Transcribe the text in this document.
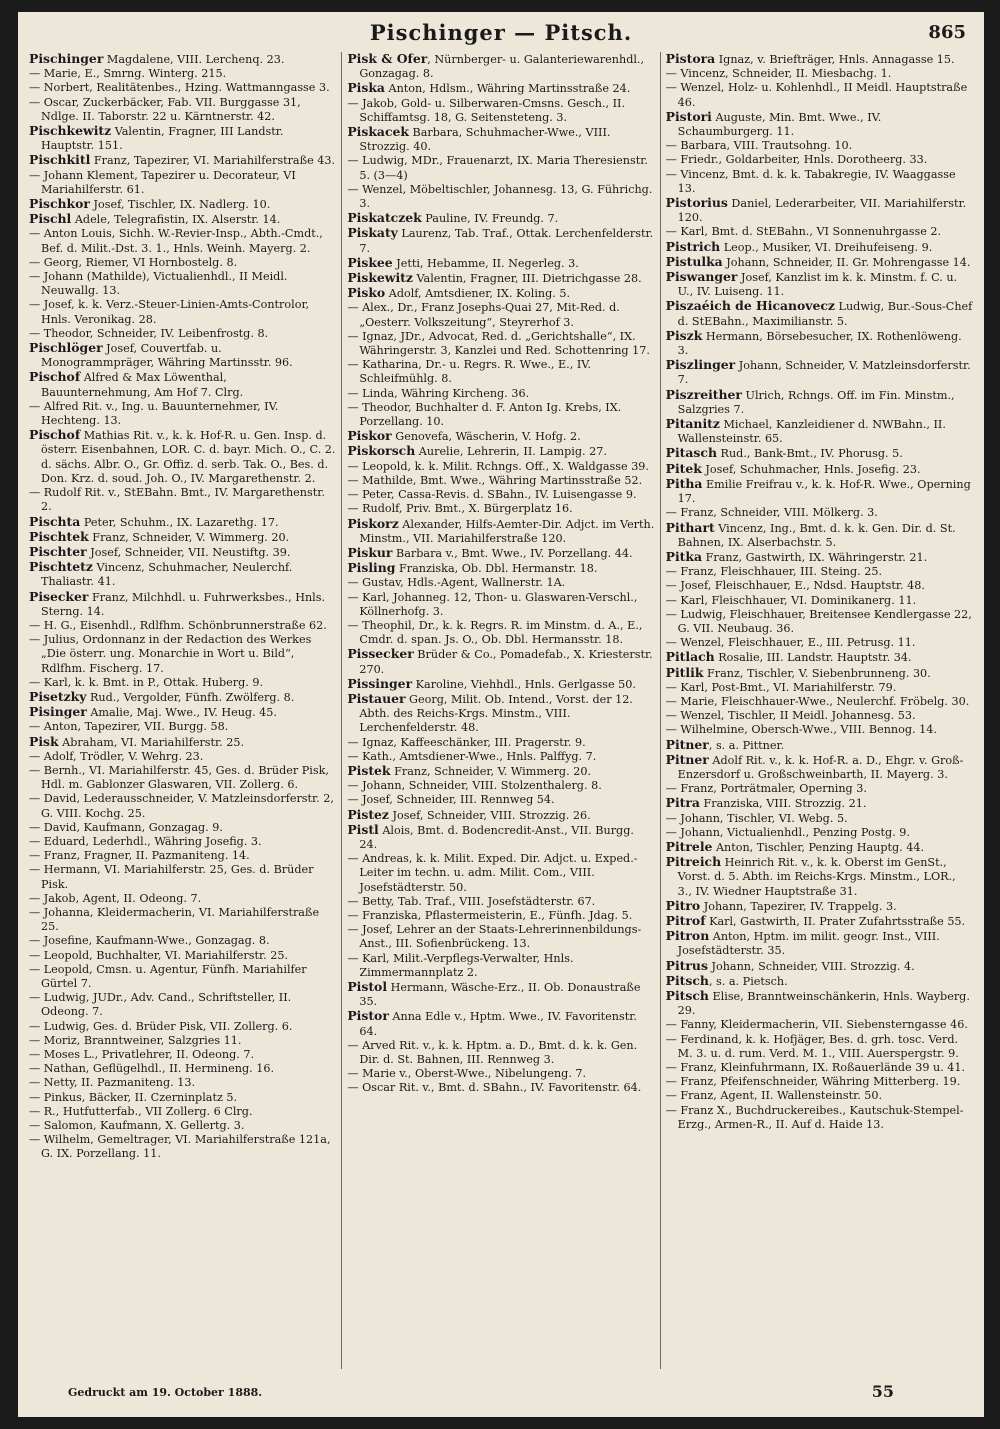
Pischinger — Pitsch.	865

Pischinger Magdalene, VIII. Lerchenq. 23.

— Marie, E., Smrng. Winterg. 215.

— Norbert, Realitätenbes., Hzing. Wattmanngasse 3.

— Oscar, Zuckerbäcker, Fab. VII. Burggasse 31, Ndlge. II. Taborstr. 22 u. Kärntnerstr. 42.

Pischkewitz Valentin, Fragner, III Landstr. Hauptstr. 151.

Pischkitl Franz, Tapezirer, VI. Mariahilferstraße 43.

— Johann Klement, Tapezirer u. Decorateur, VI Mariahilferstr. 61.

Pischkor Josef, Tischler, IX. Nadlerg. 10.

Pischl Adele, Telegrafistin, IX. Alserstr. 14.

— Anton Louis, Sichh. W.-Revier-Insp., Abth.-Cmdt., Bef. d. Milit.-Dst. 3. 1., Hnls. Weinh. Mayerg. 2.

— Georg, Riemer, VI Hornbostelg. 8.

— Johann (Mathilde), Victualienhdl., II Meidl. Neuwallg. 13.

— Josef, k. k. Verz.-Steuer-Linien-Amts-Controlor, Hnls. Veronikag. 28.

— Theodor, Schneider, IV. Leibenfrostg. 8.

Pischlöger Josef, Couvertfab. u. Monogrammpräger, Währing Martinsstr. 96.

Pischof Alfred & Max Löwenthal, Bauunternehmung, Am Hof 7. Clrg.

— Alfred Rit. v., Ing. u. Bauunternehmer, IV. Hechteng. 13.

Pischof Mathias Rit. v., k. k. Hof-R. u. Gen. Insp. d. österr. Eisenbahnen, LOR. C. d. bayr. Mich. O., C. 2. d. sächs. Albr. O., Gr. Offiz. d. serb. Tak. O., Bes. d. Don. Krz. d. soud. Joh. O., IV. Margarethenstr. 2.

— Rudolf Rit. v., StEBahn. Bmt., IV. Margarethenstr. 2.

Pischta Peter, Schuhm., IX. Lazarethg. 17.

Pischtek Franz, Schneider, V. Wimmerg. 20.

Pischter Josef, Schneider, VII. Neustiftg. 39.

Pischtetz Vincenz, Schuhmacher, Neulerchf. Thaliastr. 41.

Pisecker Franz, Milchhdl. u. Fuhrwerksbes., Hnls. Sterng. 14.

— H. G., Eisenhdl., Rdlfhm. Schönbrunnerstraße 62.

— Julius, Ordonnanz in der Redaction des Werkes „Die österr. ung. Monarchie in Wort u. Bild“, Rdlfhm. Fischerg. 17.

— Karl, k. k. Bmt. in P., Ottak. Huberg. 9.

Pisetzky Rud., Vergolder, Fünfh. Zwölferg. 8.

Pisinger Amalie, Maj. Wwe., IV. Heug. 45.

— Anton, Tapezirer, VII. Burgg. 58.

Pisk Abraham, VI. Mariahilferstr. 25.

— Adolf, Trödler, V. Wehrg. 23.

— Bernh., VI. Mariahilferstr. 45, Ges. d. Brüder Pisk, Hdl. m. Gablonzer Glaswaren, VII. Zollerg. 6.

— David, Lederausschneider, V. Matzleinsdorferstr. 2, G. VIII. Kochg. 25.

— David, Kaufmann, Gonzagag. 9.

— Eduard, Lederhdl., Währing Josefig. 3.

— Franz, Fragner, II. Pazmaniteng. 14.

— Hermann, VI. Mariahilferstr. 25, Ges. d. Brüder Pisk.

— Jakob, Agent, II. Odeong. 7.

— Johanna, Kleidermacherin, VI. Mariahilferstraße 25.

— Josefine, Kaufmann-Wwe., Gonzagag. 8.

— Leopold, Buchhalter, VI. Mariahilferstr. 25.

— Leopold, Cmsn. u. Agentur, Fünfh. Mariahilfer Gürtel 7.

— Ludwig, JUDr., Adv. Cand., Schriftsteller, II. Odeong. 7.

— Ludwig, Ges. d. Brüder Pisk, VII. Zollerg. 6.

— Moriz, Branntweiner, Salzgries 11.

— Moses L., Privatlehrer, II. Odeong. 7.

— Nathan, Geflügelhdl., II. Hermineng. 16.

— Netty, II. Pazmaniteng. 13.

— Pinkus, Bäcker, II. Czerninplatz 5.

— R., Hutfutterfab., VII Zollerg. 6 Clrg.

— Salomon, Kaufmann, X. Gellertg. 3.

— Wilhelm, Gemeltrager, VI. Mariahilferstraße 121a, G. IX. Porzellang. 11.

Pisk & Ofer, Nürnberger- u. Galanteriewarenhdl., Gonzagag. 8.

Piska Anton, Hdlsm., Währing Martinsstraße 24.

— Jakob, Gold- u. Silberwaren-Cmsns. Gesch., II. Schiffamtsg. 18, G. Seitensteteng. 3.

Piskacek Barbara, Schuhmacher-Wwe., VIII. Strozzig. 40.

— Ludwig, MDr., Frauenarzt, IX. Maria Theresienstr. 5. (3—4)

— Wenzel, Möbeltischler, Johannesg. 13, G. Führichg. 3.

Piskatczek Pauline, IV. Freundg. 7.

Piskaty Laurenz, Tab. Traf., Ottak. Lerchenfelderstr. 7.

Piskee Jetti, Hebamme, II. Negerleg. 3.

Piskewitz Valentin, Fragner, III. Dietrichgasse 28.

Pisko Adolf, Amtsdiener, IX. Koling. 5.

— Alex., Dr., Franz Josephs-Quai 27, Mit-Red. d. „Oesterr. Volkszeitung“, Steyrerhof 3.

— Ignaz, JDr., Advocat, Red. d. „Gerichtshalle“, IX. Währingerstr. 3, Kanzlei und Red. Schottenring 17.

— Katharina, Dr.- u. Regrs. R. Wwe., E., IV. Schleifmühlg. 8.

— Linda, Währing Kircheng. 36.

— Theodor, Buchhalter d. F. Anton Ig. Krebs, IX. Porzellang. 10.

Piskor Genovefa, Wäscherin, V. Hofg. 2.

Piskorsch Aurelie, Lehrerin, II. Lampig. 27.

— Leopold, k. k. Milit. Rchngs. Off., X. Waldgasse 39.

— Mathilde, Bmt. Wwe., Währing Martinsstraße 52.

— Peter, Cassa-Revis. d. SBahn., IV. Luisengasse 9.

— Rudolf, Priv. Bmt., X. Bürgerplatz 16.

Piskorz Alexander, Hilfs-Aemter-Dir. Adjct. im Verth. Minstm., VII. Mariahilferstraße 120.

Piskur Barbara v., Bmt. Wwe., IV. Porzellang. 44.

Pisling Franziska, Ob. Dbl. Hermanstr. 18.

— Gustav, Hdls.-Agent, Wallnerstr. 1A.

— Karl, Johanneg. 12, Thon- u. Glaswaren-Verschl., Köllnerhofg. 3.

— Theophil, Dr., k. k. Regrs. R. im Minstm. d. A., E., Cmdr. d. span. Js. O., Ob. Dbl. Hermansstr. 18.

Pissecker Brüder & Co., Pomadefab., X. Kriesterstr. 270.

Pissinger Karoline, Viehhdl., Hnls. Gerlgasse 50.

Pistauer Georg, Milit. Ob. Intend., Vorst. der 12. Abth. des Reichs-Krgs. Minstm., VIII. Lerchenfelderstr. 48.

— Ignaz, Kaffeeschänker, III. Pragerstr. 9.

— Kath., Amtsdiener-Wwe., Hnls. Palffyg. 7.

Pistek Franz, Schneider, V. Wimmerg. 20.

— Johann, Schneider, VIII. Stolzenthalerg. 8.

— Josef, Schneider, III. Rennweg 54.

Pistez Josef, Schneider, VIII. Strozzig. 26.

Pistl Alois, Bmt. d. Bodencredit-Anst., VII. Burgg. 24.

— Andreas, k. k. Milit. Exped. Dir. Adjct. u. Exped.-Leiter im techn. u. adm. Milit. Com., VIII. Josefstädterstr. 50.

— Betty, Tab. Traf., VIII. Josefstädterstr. 67.

— Franziska, Pflastermeisterin, E., Fünfh. Jdag. 5.

— Josef, Lehrer an der Staats-Lehrerinnenbildungs-Anst., III. Sofienbrückeng. 13.

— Karl, Milit.-Verpflegs-Verwalter, Hnls. Zimmermannplatz 2.

Pistol Hermann, Wäsche-Erz., II. Ob. Donaustraße 35.

Pistor Anna Edle v., Hptm. Wwe., IV. Favoritenstr. 64.

— Arved Rit. v., k. k. Hptm. a. D., Bmt. d. k. k. Gen. Dir. d. St. Bahnen, III. Rennweg 3.

— Marie v., Oberst-Wwe., Nibelungeng. 7.

— Oscar Rit. v., Bmt. d. SBahn., IV. Favoritenstr. 64.

Pistora Ignaz, v. Briefträger, Hnls. Annagasse 15.

— Vincenz, Schneider, II. Miesbachg. 1.

— Wenzel, Holz- u. Kohlenhdl., II Meidl. Hauptstraße 46.

Pistori Auguste, Min. Bmt. Wwe., IV. Schaumburgerg. 11.

— Barbara, VIII. Trautsohng. 10.

— Friedr., Goldarbeiter, Hnls. Dorotheerg. 33.

— Vincenz, Bmt. d. k. k. Tabakregie, IV. Waaggasse 13.

Pistorius Daniel, Lederarbeiter, VII. Mariahilferstr. 120.

— Karl, Bmt. d. StEBahn., VI Sonnenuhrgasse 2.

Pistrich Leop., Musiker, VI. Dreihufeiseng. 9.

Pistulka Johann, Schneider, II. Gr. Mohrengasse 14.

Piswanger Josef, Kanzlist im k. k. Minstm. f. C. u. U., IV. Luiseng. 11.

Piszaéich de Hicanovecz Ludwig, Bur.-Sous-Chef d. StEBahn., Maximilianstr. 5.

Piszk Hermann, Börsebesucher, IX. Rothenlöweng. 3.

Piszlinger Johann, Schneider, V. Matzleinsdorferstr. 7.

Piszreither Ulrich, Rchngs. Off. im Fin. Minstm., Salzgries 7.

Pitanitz Michael, Kanzleidiener d. NWBahn., II. Wallensteinstr. 65.

Pitasch Rud., Bank-Bmt., IV. Phorusg. 5.

Pitek Josef, Schuhmacher, Hnls. Josefig. 23.

Pitha Emilie Freifrau v., k. k. Hof-R. Wwe., Operning 17.

— Franz, Schneider, VIII. Mölkerg. 3.

Pithart Vincenz, Ing., Bmt. d. k. k. Gen. Dir. d. St. Bahnen, IX. Alserbachstr. 5.

Pitka Franz, Gastwirth, IX. Währingerstr. 21.

— Franz, Fleischhauer, III. Steing. 25.

— Josef, Fleischhauer, E., Ndsd. Hauptstr. 48.

— Karl, Fleischhauer, VI. Dominikanerg. 11.

— Ludwig, Fleischhauer, Breitensee Kendlergasse 22, G. VII. Neubaug. 36.

— Wenzel, Fleischhauer, E., III. Petrusg. 11.

Pitlach Rosalie, III. Landstr. Hauptstr. 34.

Pitlik Franz, Tischler, V. Siebenbrunneng. 30.

— Karl, Post-Bmt., VI. Mariahilferstr. 79.

— Marie, Fleischhauer-Wwe., Neulerchf. Fröbelg. 30.

— Wenzel, Tischler, II Meidl. Johannesg. 53.

— Wilhelmine, Obersch-Wwe., VIII. Bennog. 14.

Pitner, s. a. Pittner.

Pitner Adolf Rit. v., k. k. Hof-R. a. D., Ehgr. v. Groß-Enzersdorf u. Großschweinbarth, II. Mayerg. 3.

— Franz, Porträtmaler, Operning 3.

Pitra Franziska, VIII. Strozzig. 21.

— Johann, Tischler, VI. Webg. 5.

— Johann, Victualienhdl., Penzing Postg. 9.

Pitrele Anton, Tischler, Penzing Hauptg. 44.

Pitreich Heinrich Rit. v., k. k. Oberst im GenSt., Vorst. d. 5. Abth. im Reichs-Krgs. Minstm., LOR., 3., IV. Wiedner Hauptstraße 31.

Pitro Johann, Tapezirer, IV. Trappelg. 3.

Pitrof Karl, Gastwirth, II. Prater Zufahrtsstraße 55.

Pitron Anton, Hptm. im milit. geogr. Inst., VIII. Josefstädterstr. 35.

Pitrus Johann, Schneider, VIII. Strozzig. 4.

Pitsch, s. a. Pietsch.

Pitsch Elise, Branntweinschänkerin, Hnls. Wayberg. 29.

— Fanny, Kleidermacherin, VII. Siebensterngasse 46.

— Ferdinand, k. k. Hofjäger, Bes. d. grh. tosc. Verd. M. 3. u. d. rum. Verd. M. 1., VIII. Auerspergstr. 9.

— Franz, Kleinfuhrmann, IX. Roßauerlände 39 u. 41.

— Franz, Pfeifenschneider, Währing Mitterberg. 19.

— Franz, Agent, II. Wallensteinstr. 50.

— Franz X., Buchdruckereibes., Kautschuk-Stempel-Erzg., Armen-R., II. Auf d. Haide 13.

Gedruckt am 19. October 1888.	55
